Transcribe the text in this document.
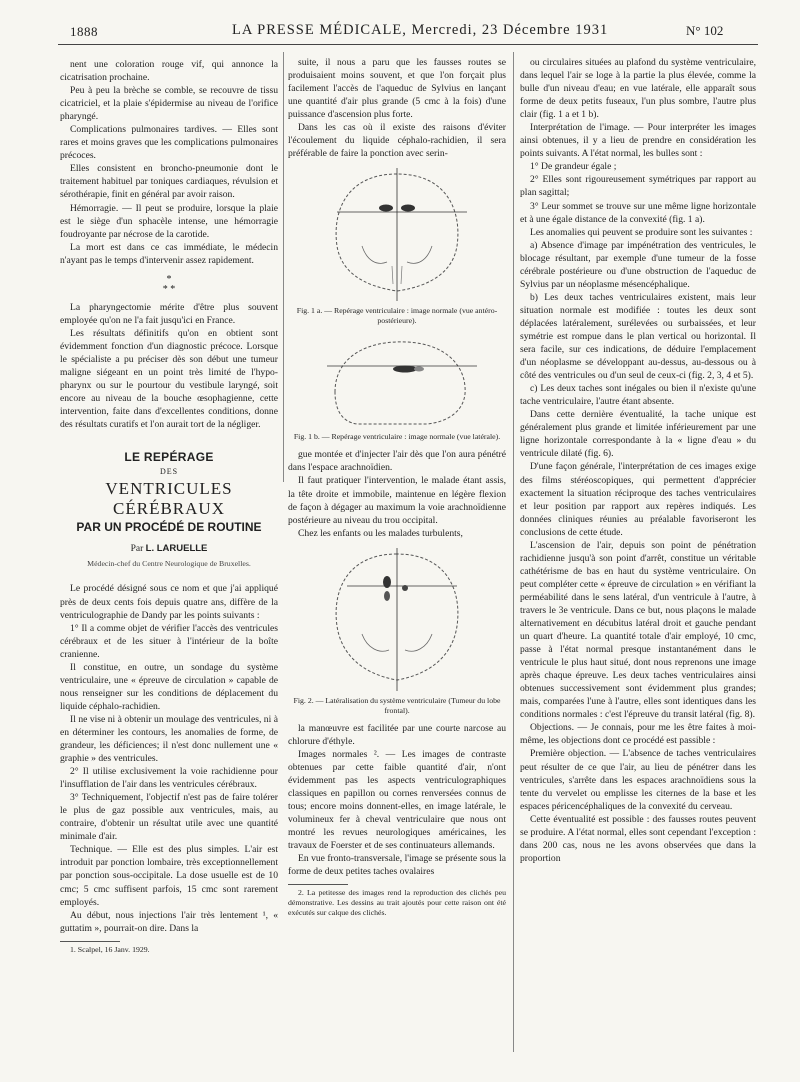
1888	LA PRESSE MÉDICALE, Mercredi, 23 Décembre 1931	N° 102

nent une coloration rouge vif, qui annonce la cicatrisation prochaine.

Peu à peu la brèche se comble, se recouvre de tissu cicatriciel, et la plaie s'épidermise au niveau de l'orifice pharyngé.

Complications pulmonaires tardives. — Elles sont rares et moins graves que les complications pulmonaires précoces.

Elles consistent en broncho-pneumonie dont le traitement habituel par toniques cardiaques, révulsion et sérothérapie, finit en général par avoir raison.

Hémorragie. — Il peut se produire, lorsque la plaie est le siège d'un sphacèle intense, une hémorragie foudroyante par nécrose de la carotide.

La mort est dans ce cas immédiate, le médecin n'ayant pas le temps d'intervenir assez rapidement.

*
* *

La pharyngectomie mérite d'être plus souvent employée qu'on ne l'a fait jusqu'ici en France.

Les résultats définitifs qu'on en obtient sont évidemment fonction d'un diagnostic précoce. Lorsque le spécialiste a pu préciser dès son début une tumeur maligne siégeant en un point très limité de l'hypo-pharynx ou sur le pourtour du vestibule laryngé, soit encore au niveau de la bouche œsophagienne, cette intervention, faite dans d'excellentes conditions, donne des résultats curatifs et l'on aurait tort de la négliger.

LE REPÉRAGE
DES
VENTRICULES CÉRÉBRAUX
PAR UN PROCÉDÉ DE ROUTINE
Par L. LARUELLE
Médecin-chef du Centre Neurologique de Bruxelles.

Le procédé désigné sous ce nom et que j'ai appliqué près de deux cents fois depuis quatre ans, diffère de la ventriculographie de Dandy par les points suivants :

1° Il a comme objet de vérifier l'accès des ventricules cérébraux et de les situer à l'intérieur de la boîte cranienne.

Il constitue, en outre, un sondage du système ventriculaire, une « épreuve de circulation » capable de nous renseigner sur les conditions de déplacement du liquide céphalo-rachidien.

Il ne vise ni à obtenir un moulage des ventricules, ni à en déterminer les contours, les anomalies de forme, de grandeur, les déficiences; il n'est donc nullement une « graphie » des ventricules.

2° Il utilise exclusivement la voie rachidienne pour l'insufflation de l'air dans les ventricules cérébraux.

3° Techniquement, l'objectif n'est pas de faire tolérer le plus de gaz possible aux ventricules, mais, au contraire, d'obtenir un résultat utile avec une quantité minimale d'air.

Technique. — Elle est des plus simples. L'air est introduit par ponction lombaire, très exceptionnellement par ponction sous-occipitale. La dose usuelle est de 10 cmc; 5 cmc suffisent parfois, 15 cmc sont rarement employés.

Au début, nous injections l'air très lentement ¹, « guttatim », pourrait-on dire. Dans la

1. Scalpel, 16 Janv. 1929.

suite, il nous a paru que les fausses routes se produisaient moins souvent, et que l'on forçait plus facilement l'accès de l'aqueduc de Sylvius en lançant une quantité d'air plus grande (5 cmc à la fois) d'une puissance d'ascension plus forte.

Dans les cas où il existe des raisons d'éviter l'écoulement du liquide céphalo-rachidien, il sera préférable de faire la ponction avec serin-

Fig. 1 a. — Repérage ventriculaire : image normale (vue antéro-postérieure).
Fig. 1 b. — Repérage ventriculaire : image normale (vue latérale).

gue montée et d'injecter l'air dès que l'on aura pénétré dans l'espace arachnoïdien.

Il faut pratiquer l'intervention, le malade étant assis, la tête droite et immobile, maintenue en légère flexion de façon à dégager au maximum la voie arachnoïdienne postérieure au niveau du trou occipital.

Chez les enfants ou les malades turbulents,

Fig. 2. — Latéralisation du système ventriculaire (Tumeur du lobe frontal).

la manœuvre est facilitée par une courte narcose au chlorure d'éthyle.

Images normales ². — Les images de contraste obtenues par cette faible quantité d'air, n'ont évidemment pas les aspects ventriculographiques classiques en papillon ou cornes renversées connus de tous; encore moins donnent-elles, en image latérale, le volumineux fer à cheval ventriculaire que nous ont montré les revues neurologiques américaines, les travaux de Foerster et de ses continuateurs allemands.

En vue fronto-transversale, l'image se présente sous la forme de deux petites taches ovalaires

2. La petitesse des images rend la reproduction des clichés peu démonstrative. Les dessins au trait ajoutés pour cette raison ont été exécutés sur calque des clichés.

ou circulaires situées au plafond du système ventriculaire, dans lequel l'air se loge à la partie la plus élevée, comme la bulle d'un niveau d'eau; en vue latérale, elle apparaît sous forme de deux petits fuseaux, l'un plus sombre, l'autre plus clair (fig. 1 a et 1 b).

Interprétation de l'image. — Pour interpréter les images ainsi obtenues, il y a lieu de prendre en considération les points suivants. A l'état normal, les bulles sont :

1° De grandeur égale ;

2° Elles sont rigoureusement symétriques par rapport au plan sagittal;

3° Leur sommet se trouve sur une même ligne horizontale et à une égale distance de la convexité (fig. 1 a).

Les anomalies qui peuvent se produire sont les suivantes :

a) Absence d'image par impénétration des ventricules, le blocage résultant, par exemple d'une tumeur de la fosse cérébrale postérieure ou d'une obstruction de l'aqueduc de Sylvius par un néoplasme mésencéphalique.

b) Les deux taches ventriculaires existent, mais leur situation normale est modifiée : toutes les deux sont déplacées latéralement, surélevées ou surbaissées, et leur symétrie est rompue dans le plan vertical ou horizontal. Il sera facile, sur ces indications, de déduire l'emplacement d'un néoplasme se développant au-dessus, au-dessous ou à côté des ventricules ou d'un seul de ceux-ci (fig. 2, 3, 4 et 5).

c) Les deux taches sont inégales ou bien il n'existe qu'une tache ventriculaire, l'autre étant absente.

Dans cette dernière éventualité, la tache unique est généralement plus grande et limitée inférieurement par une ligne horizontale correspondante à la « ligne d'eau » du ventricule dilaté (fig. 6).

D'une façon générale, l'interprétation de ces images exige des films stéréoscopiques, qui permettent d'apprécier exactement la situation réciproque des taches ventriculaires et leur position par rapport aux repères indiqués. Les données cliniques réunies au préalable favoriseront les conclusions de cette étude.

L'ascension de l'air, depuis son point de pénétration rachidienne jusqu'à son point d'arrêt, constitue un véritable cathétérisme de bas en haut du système ventriculaire. On peut compléter cette « épreuve de circulation » en vérifiant la perméabilité dans le sens latéral, d'un ventricule à l'autre, à travers le 3e ventricule. Dans ce but, nous plaçons le malade alternativement en décubitus latéral droit et gauche pendant un quart d'heure. La quantité totale d'air employé, 10 cmc, passe à l'état normal presque instantanément dans le ventricule le plus haut situé, dont nous reprenons une image après chaque épreuve. Les deux taches ventriculaires ainsi obtenues successivement sont évidemment plus grandes; mais, comparées l'une à l'autre, elles sont identiques dans les conditions normales : c'est l'épreuve du transit latéral (fig. 8).

Objections. — Je connais, pour me les être faites à moi-même, les objections dont ce procédé est passible :

Première objection. — L'absence de taches ventriculaires peut résulter de ce que l'air, au lieu de pénétrer dans les ventricules, s'arrête dans les espaces arachnoïdiens sous la tente du vervelet ou emplisse les citernes de la base et les espaces péricencéphaliques de la convexité du cerveau.

Cette éventualité est possible : des fausses routes peuvent se produire. A l'état normal, elles sont cependant l'exception : dans 200 cas, nous ne les avons observées que dans la proportion
